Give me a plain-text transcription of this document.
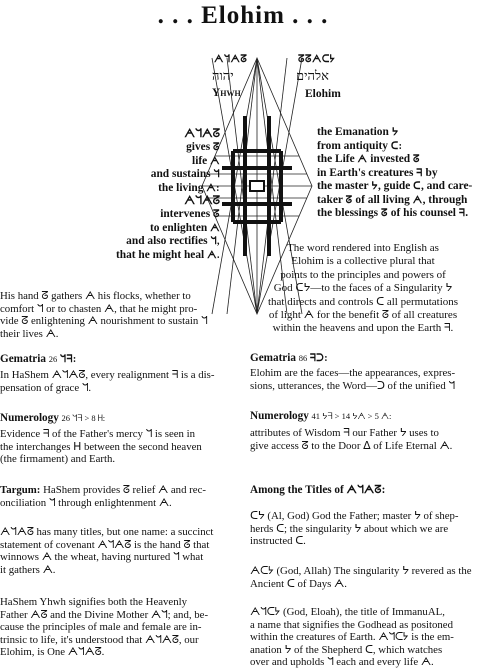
. . . Elohim . . .
ᗅᖻᗅᘔ
יהוה
Yhwh
ᘔᘔᗅᑕᔭ
אלהים
Elohim
ᗅᖻᗅᘔ
gives ᘔ
life ᗅ
and sustains ᖻ
the living ᗅ:
ᗅᖻᗅᘔ
intervenes ᘔ
to enlighten ᗅ
and also rectifies ᖻ,
that he might heal ᗅ.
the Emanation ᔭ
from antiquity ᑕ:
the Life ᗅ invested ᘔ
in Earth's creatures ᖷ by
the master ᔭ, guide ᑕ, and care-
taker ᘔ of all living ᗅ, through
the blessings ᘔ of his counsel ᖷ.
The word rendered into English as
Elohim is a collective plural that
points to the principles and powers of
God ᑕᔭ—to the faces of a Singularity ᔭ
that directs and controls ᑕ all permutations
of light ᗅ for the benefit ᘔ of all creatures
within the heavens and upon the Earth ᖷ.
His hand ᘔ gathers ᗅ his flocks, whether to
comfort ᖻ or to chasten ᗅ, that he might pro-
vide ᘔ enlightening ᗅ nourishment to sustain ᖻ
their lives ᗅ.
Gematria 26 ᖻᖷ:
In HaShem ᗅᖻᗅᘔ, every realignment ᖷ is a dis-
pensation of grace ᖻ.
Numerology 26 ᖻᖷ > 8 ᕼ:
Evidence ᖷ of the Father's mercy ᖻ is seen in
the interchanges ᕼ between the second heaven
(the firmament) and Earth.
Targum: HaShem provides ᘔ relief ᗅ and rec-
onciliation ᖻ through enlightenment ᗅ.
ᗅᖻᗅᘔ has many titles, but one name: a succinct
statement of covenant ᗅᖻᗅᘔ is the hand ᘔ that
winnows ᗅ the wheat, having nurtured ᖻ what
it gathers ᗅ.
HaShem Yhwh signifies both the Heavenly
Father ᗅᘔ and the Divine Mother ᗅᖻ; and, be-
cause the principles of male and female are in-
trinsic to life, it's understood that ᗅᖻᗅᘔ, our
Elohim, is One ᗅᖻᗅᘔ.
Gematria 86 ᖷᑐ:
Elohim are the faces—the appearances, expres-
sions, utterances, the Word—ᑐ of the unified ᖻ
Numerology 41 ᔭᖷ > 14 ᔭᗅ > 5 ᗅ:
attributes of Wisdom ᖷ our Father ᔭ uses to
give access ᘔ to the Door ᐃ of Life Eternal ᗅ.
Among the Titles of ᗅᖻᗅᘔ:
ᑕᔭ (Al, God) God the Father; master ᔭ of shep-
herds ᑕ; the singularity ᔭ about which we are
instructed ᑕ.
ᗅᑕᔭ (God, Allah) The singularity ᔭ revered as the
Ancient ᑕ of Days ᗅ.
ᗅᖻᑕᔭ (God, Eloah), the title of ImmanuAL,
a name that signifies the Godhead as positoned
within the creatures of Earth. ᗅᖻᑕᔭ is the em-
anation ᔭ of the Shepherd ᑕ, which watches
over and upholds ᖻ each and every life ᗅ.
